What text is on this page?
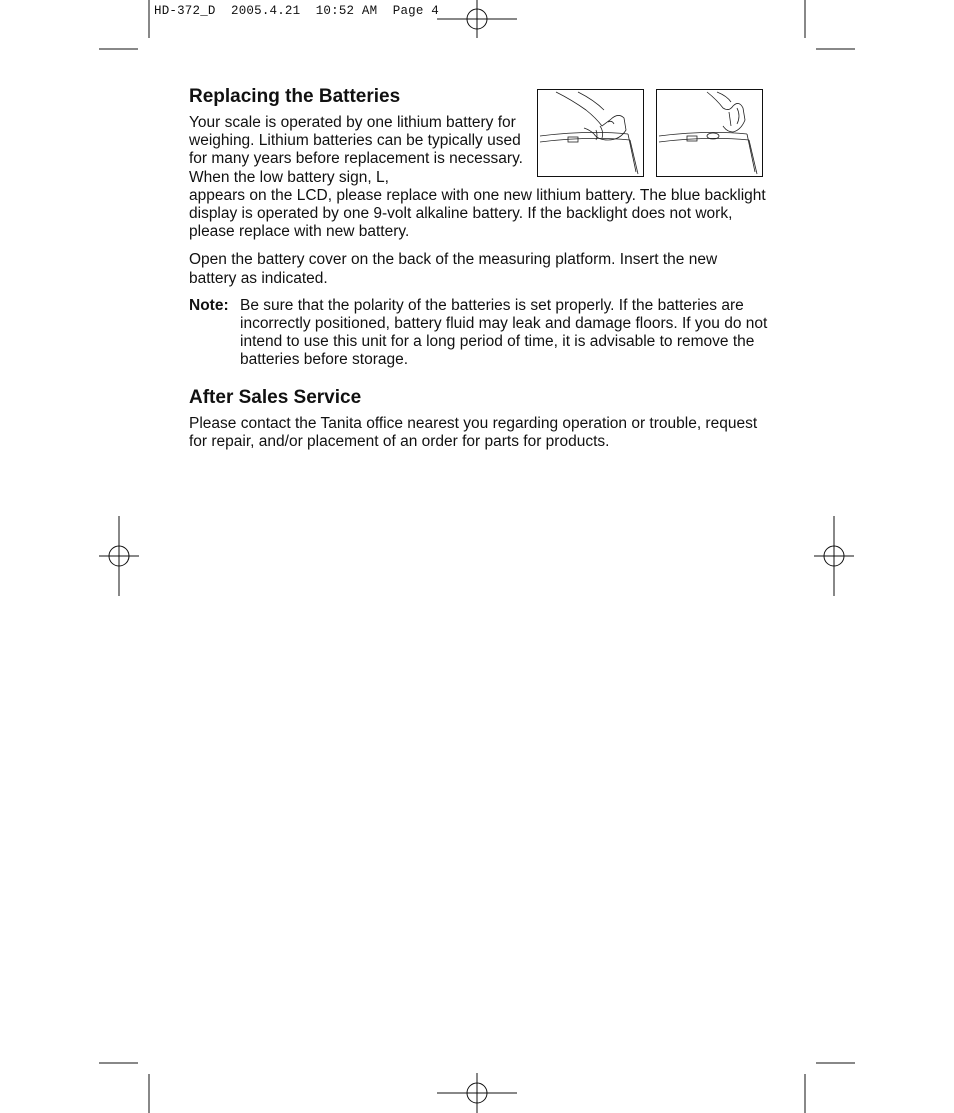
HD-372_D  2005.4.21  10:52 AM  Page 4
Replacing the Batteries

Your scale is operated by one lithium battery for weighing. Lithium batteries can be typically used for many years before replacement is necessary. When the low battery sign, L,

appears on the LCD, please replace with one new lithium battery. The blue backlight display is operated by one 9-volt alkaline battery. If the backlight does not work, please replace with new battery.

Open the battery cover on the back of the measuring platform. Insert the new battery as indicated.

Note: Be sure that the polarity of the batteries is set properly. If the batteries are incorrectly positioned, battery fluid may leak and damage floors. If you do not intend to use this unit for a long period of time, it is advisable to remove the batteries before storage.

After Sales Service

Please contact the Tanita office nearest you regarding operation or trouble, request for repair, and/or placement of an order for parts for products.
